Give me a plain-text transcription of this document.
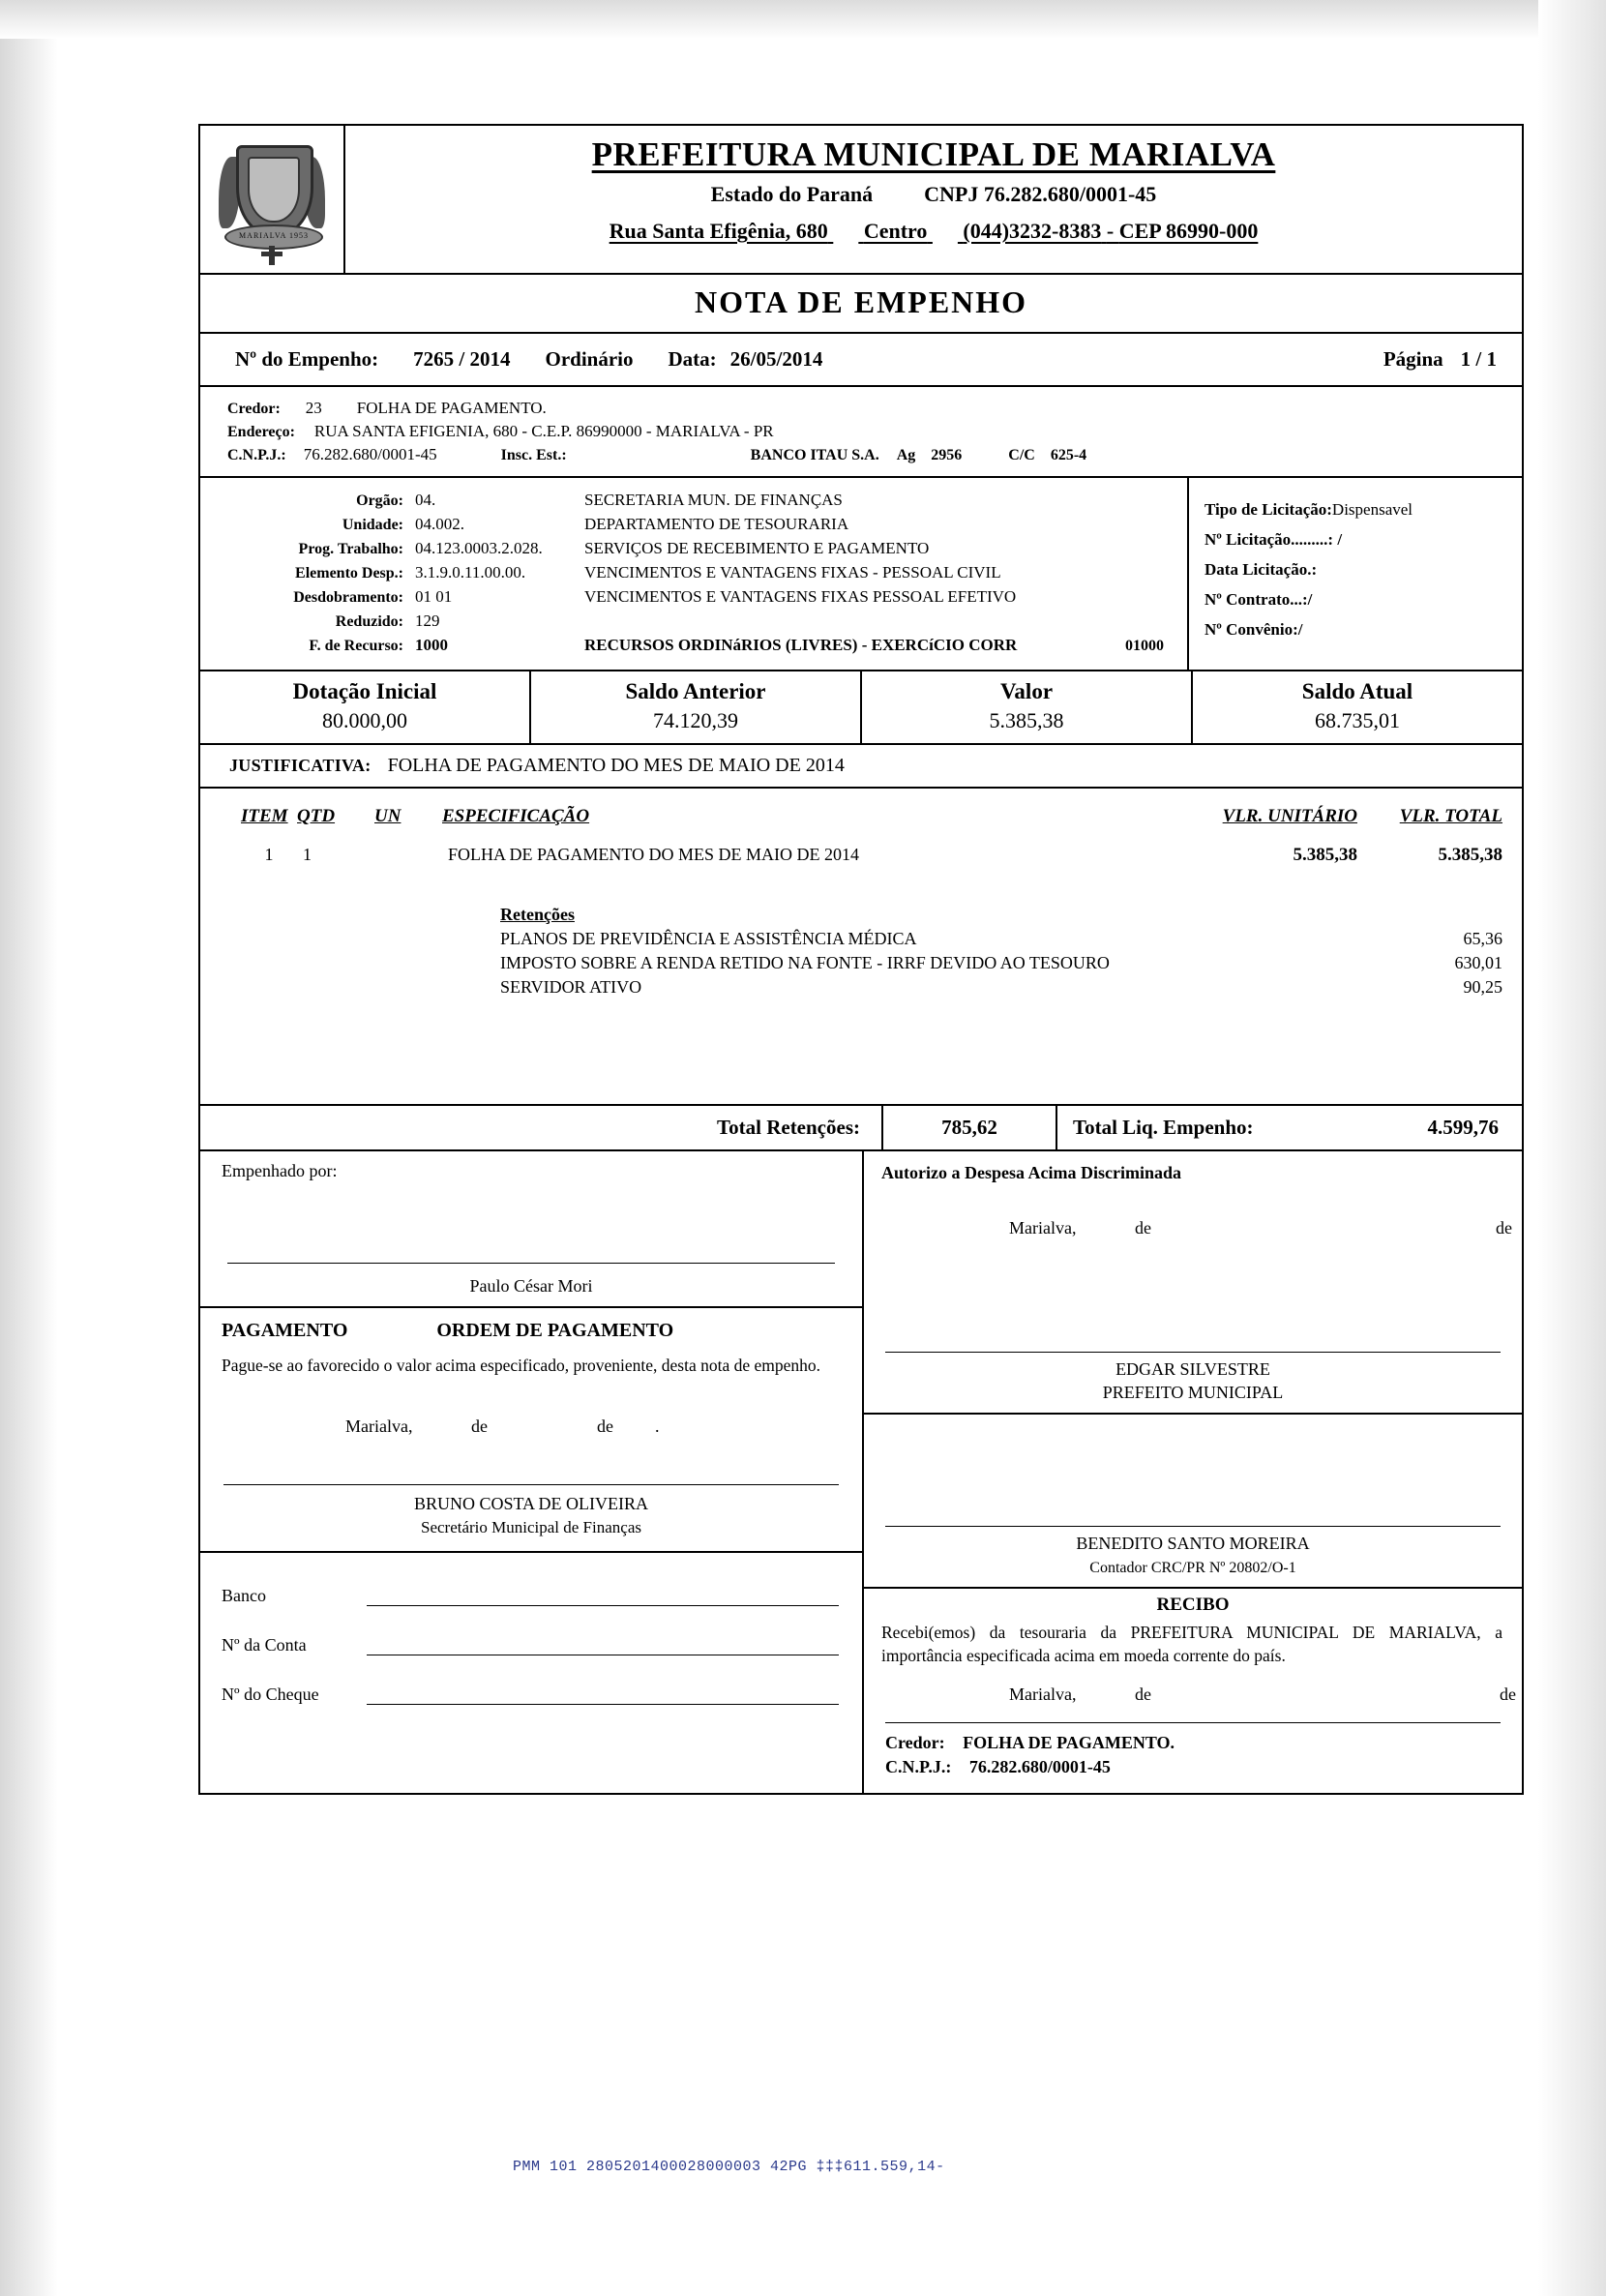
MARIALVA 1953
PREFEITURA MUNICIPAL DE MARIALVA
Estado do Paraná CNPJ 76.282.680/0001-45
Rua Santa Efigênia, 680 Centro (044)3232-8383 - CEP 86990-000
NOTA DE EMPENHO
Nº do Empenho: 7265 / 2014 Ordinário Data: 26/05/2014	Página 1 / 1
Credor: 23 FOLHA DE PAGAMENTO.
Endereço: RUA SANTA EFIGENIA, 680 - C.E.P. 86990000 - MARIALVA - PR
C.N.P.J.: 76.282.680/0001-45	Insc. Est.:	BANCO ITAU S.A. Ag 2956	C/C 625-4
Orgão: 04.	SECRETARIA MUN. DE FINANÇAS
Unidade: 04.002.	DEPARTAMENTO DE TESOURARIA
Prog. Trabalho: 04.123.0003.2.028.	SERVIÇOS DE RECEBIMENTO E PAGAMENTO
Elemento Desp.: 3.1.9.0.11.00.00.	VENCIMENTOS E VANTAGENS FIXAS - PESSOAL CIVIL
Desdobramento: 01 01	VENCIMENTOS E VANTAGENS FIXAS PESSOAL EFETIVO
Reduzido: 129
F. de Recurso: 1000	RECURSOS ORDINáRIOS (LIVRES) - EXERCíCIO CORR	01000
Tipo de Licitação:Dispensavel
Nº Licitação.........: /
Data Licitação.:
Nº Contrato...:/
Nº Convênio:/
Dotação Inicial
80.000,00
Saldo Anterior
74.120,39
Valor
5.385,38
Saldo Atual
68.735,01
JUSTIFICATIVA: FOLHA DE PAGAMENTO DO MES DE MAIO DE 2014
ITEM QTD	UN	ESPECIFICAÇÃO	VLR. UNITÁRIO	VLR. TOTAL
1	1	FOLHA DE PAGAMENTO DO MES DE MAIO DE 2014	5.385,38	5.385,38
Retenções
PLANOS DE PREVIDÊNCIA E ASSISTÊNCIA MÉDICA	65,36
IMPOSTO SOBRE A RENDA RETIDO NA FONTE - IRRF DEVIDO AO TESOURO	630,01
SERVIDOR ATIVO	90,25
Total Retenções:	785,62	Total Liq. Empenho:	4.599,76
Empenhado por:
Paulo César Mori
PAGAMENTO	ORDEM DE PAGAMENTO
Pague-se ao favorecido o valor acima especificado, proveniente, desta nota de empenho.
Marialva,	de	de	.
BRUNO COSTA DE OLIVEIRA
Secretário Municipal de Finanças
Banco
Nº da Conta
Nº do Cheque
Autorizo a Despesa Acima Discriminada
Marialva,	de	de
EDGAR SILVESTRE
PREFEITO MUNICIPAL
BENEDITO SANTO MOREIRA
Contador CRC/PR Nº 20802/O-1
RECIBO
Recebi(emos) da tesouraria da PREFEITURA MUNICIPAL DE MARIALVA, a importância especificada acima em moeda corrente do país.
Marialva,	de	de
Credor: FOLHA DE PAGAMENTO.
C.N.P.J.: 76.282.680/0001-45
PMM 101 2805201400028000003 42PG ‡‡‡611.559,14-
